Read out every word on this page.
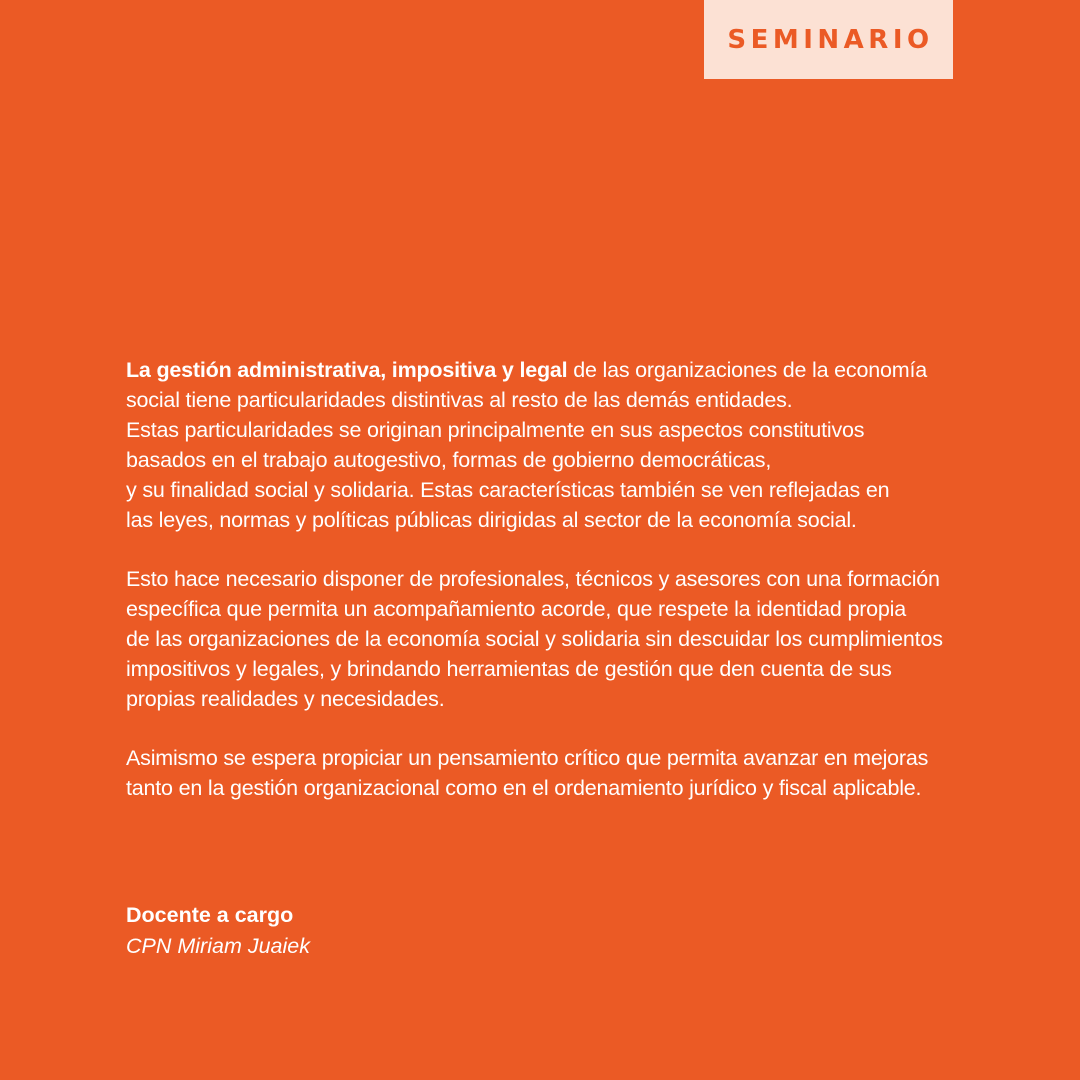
SEMINARIO

La gestión administrativa, impositiva y legal de las organizaciones de la economía
social tiene particularidades distintivas al resto de las demás entidades.
Estas particularidades se originan principalmente en sus aspectos constitutivos
basados en el trabajo autogestivo, formas de gobierno democráticas,
y su finalidad social y solidaria. Estas características también se ven reflejadas en
las leyes, normas y políticas públicas dirigidas al sector de la economía social.

Esto hace necesario disponer de profesionales, técnicos y asesores con una formación
específica que permita un acompañamiento acorde, que respete la identidad propia
de las organizaciones de la economía social y solidaria sin descuidar los cumplimientos
impositivos y legales, y brindando herramientas de gestión que den cuenta de sus
propias realidades y necesidades.

Asimismo se espera propiciar un pensamiento crítico que permita avanzar en mejoras
tanto en la gestión organizacional como en el ordenamiento jurídico y fiscal aplicable.

Docente a cargo
CPN Miriam Juaiek
